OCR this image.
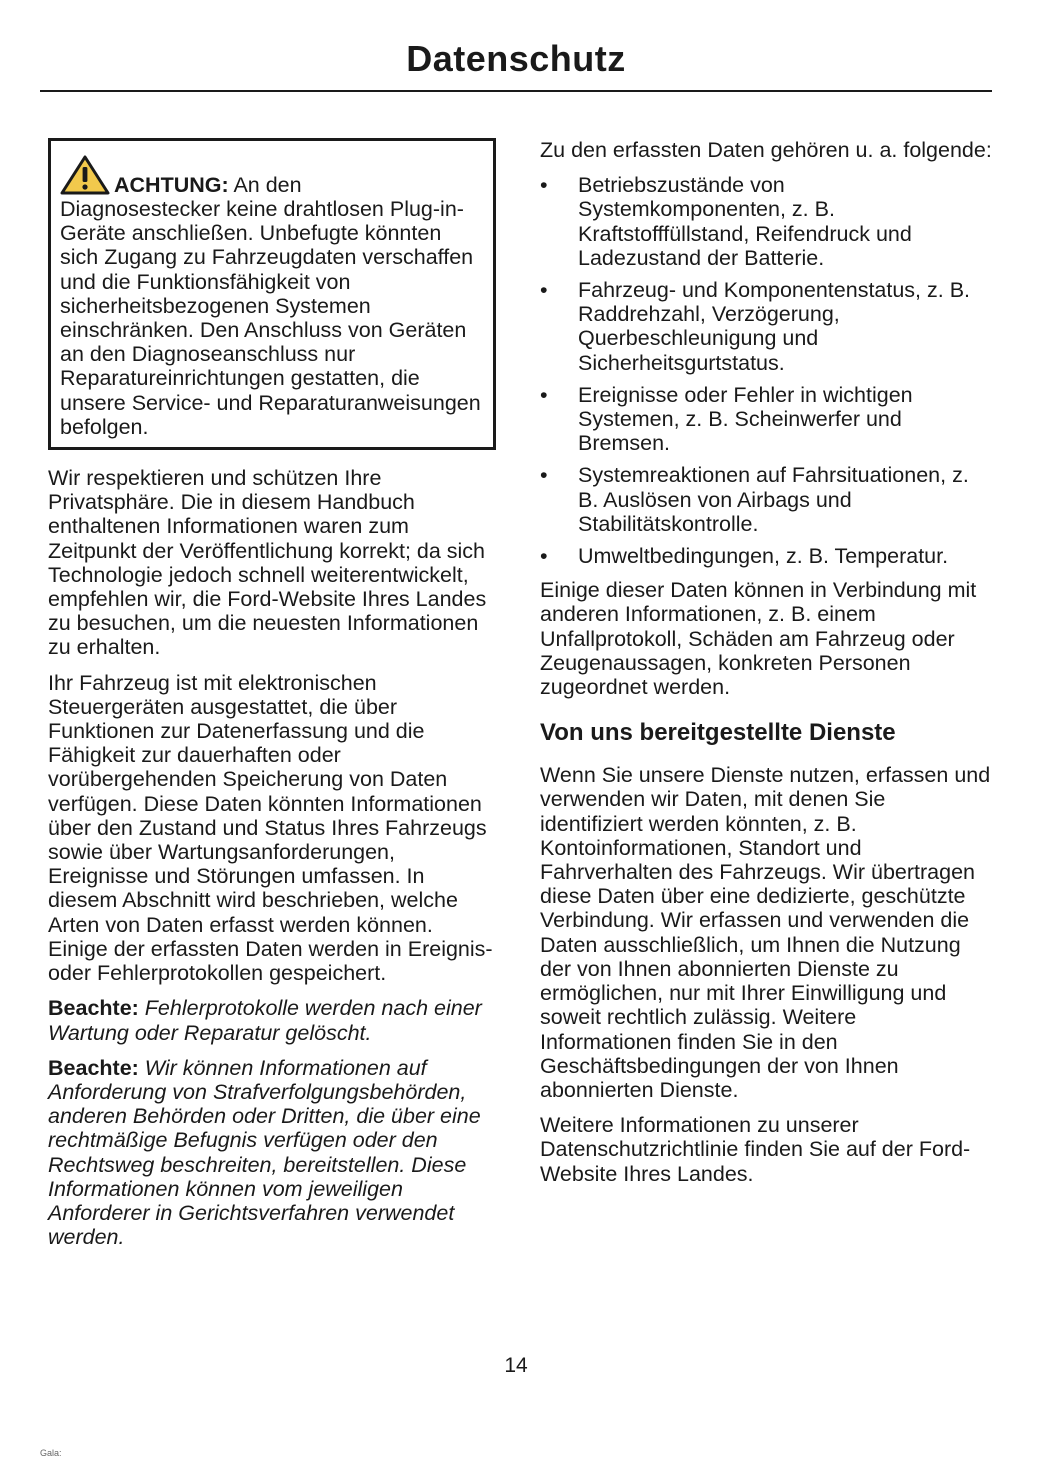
Datenschutz
ACHTUNG: An den
Diagnosestecker keine drahtlosen Plug-in-Geräte anschließen. Unbefugte könnten sich Zugang zu Fahrzeugdaten verschaffen und die Funktionsfähigkeit von sicherheitsbezogenen Systemen einschränken. Den Anschluss von Geräten an den Diagnoseanschluss nur Reparatureinrichtungen gestatten, die unsere Service- und Reparaturanweisungen befolgen.

Wir respektieren und schützen Ihre Privatsphäre. Die in diesem Handbuch enthaltenen Informationen waren zum Zeitpunkt der Veröffentlichung korrekt; da sich Technologie jedoch schnell weiterentwickelt, empfehlen wir, die Ford-Website Ihres Landes zu besuchen, um die neuesten Informationen zu erhalten.

Ihr Fahrzeug ist mit elektronischen Steuergeräten ausgestattet, die über Funktionen zur Datenerfassung und die Fähigkeit zur dauerhaften oder vorübergehenden Speicherung von Daten verfügen. Diese Daten könnten Informationen über den Zustand und Status Ihres Fahrzeugs sowie über Wartungsanforderungen, Ereignisse und Störungen umfassen. In diesem Abschnitt wird beschrieben, welche Arten von Daten erfasst werden können. Einige der erfassten Daten werden in Ereignis- oder Fehlerprotokollen gespeichert.

Beachte: Fehlerprotokolle werden nach einer Wartung oder Reparatur gelöscht.

Beachte: Wir können Informationen auf Anforderung von Strafverfolgungsbehörden, anderen Behörden oder Dritten, die über eine rechtmäßige Befugnis verfügen oder den Rechtsweg beschreiten, bereitstellen. Diese Informationen können vom jeweiligen Anforderer in Gerichtsverfahren verwendet werden.

Zu den erfassten Daten gehören u. a. folgende:

• Betriebszustände von Systemkomponenten, z. B. Kraftstofffüllstand, Reifendruck und Ladezustand der Batterie.
• Fahrzeug- und Komponentenstatus, z. B. Raddrehzahl, Verzögerung, Querbeschleunigung und Sicherheitsgurtstatus.
• Ereignisse oder Fehler in wichtigen Systemen, z. B. Scheinwerfer und Bremsen.
• Systemreaktionen auf Fahrsituationen, z. B. Auslösen von Airbags und Stabilitätskontrolle.
• Umweltbedingungen, z. B. Temperatur.

Einige dieser Daten können in Verbindung mit anderen Informationen, z. B. einem Unfallprotokoll, Schäden am Fahrzeug oder Zeugenaussagen, konkreten Personen zugeordnet werden.

Von uns bereitgestellte Dienste

Wenn Sie unsere Dienste nutzen, erfassen und verwenden wir Daten, mit denen Sie identifiziert werden könnten, z. B. Kontoinformationen, Standort und Fahrverhalten des Fahrzeugs. Wir übertragen diese Daten über eine dedizierte, geschützte Verbindung. Wir erfassen und verwenden die Daten ausschließlich, um Ihnen die Nutzung der von Ihnen abonnierten Dienste zu ermöglichen, nur mit Ihrer Einwilligung und soweit rechtlich zulässig. Weitere Informationen finden Sie in den Geschäftsbedingungen der von Ihnen abonnierten Dienste.

Weitere Informationen zu unserer Datenschutzrichtlinie finden Sie auf der Ford-Website Ihres Landes.

14
Gala:
